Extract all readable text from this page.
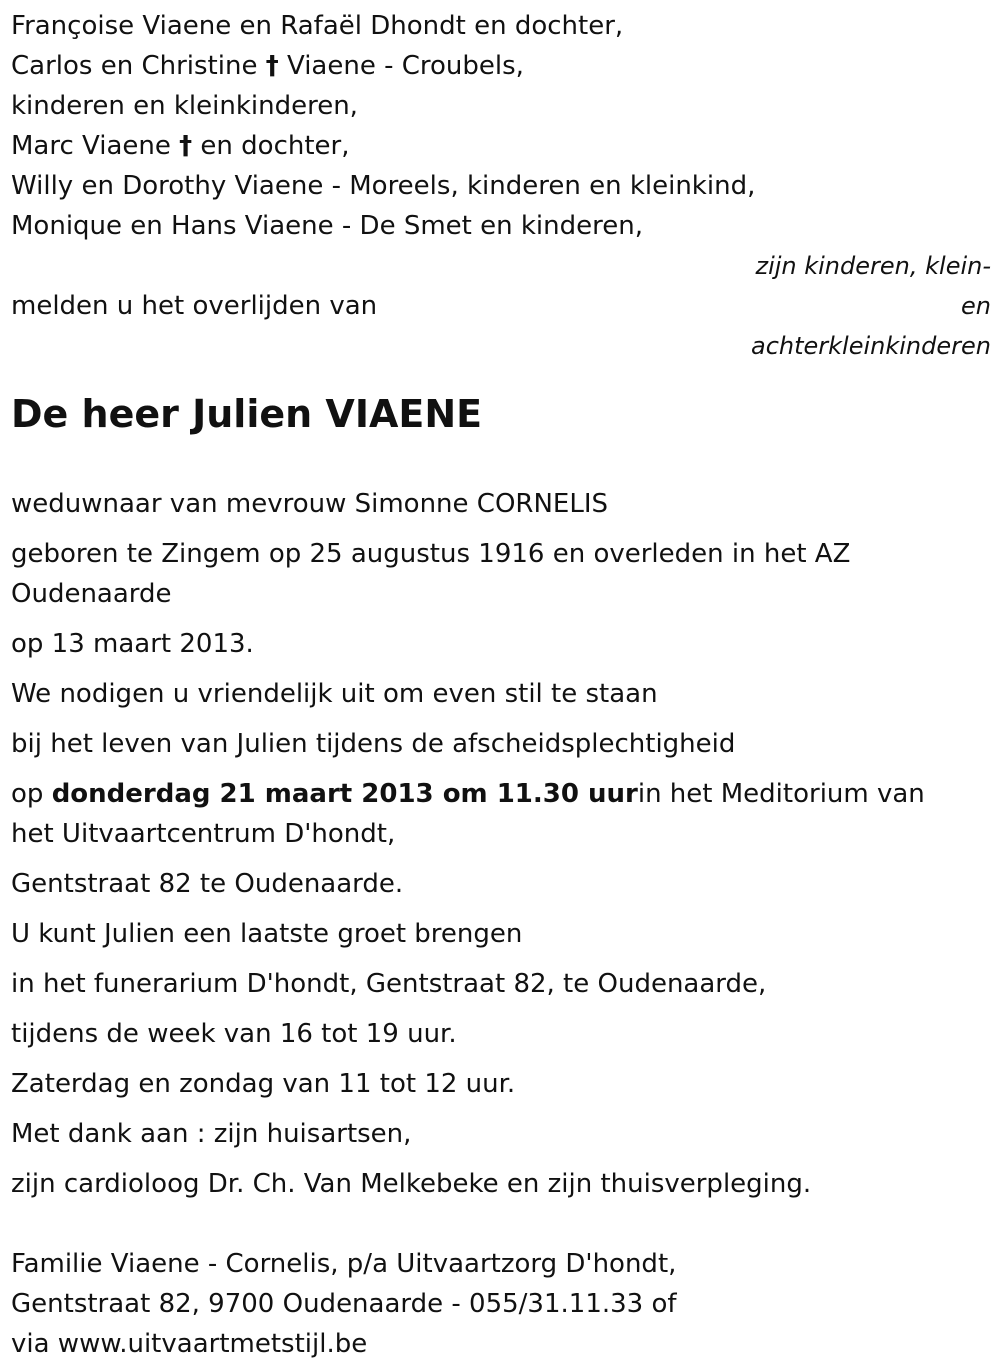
Françoise Viaene en Rafaël Dhondt en dochter,
Carlos en Christine † Viaene - Croubels,
kinderen en kleinkinderen,
Marc Viaene † en dochter,
Willy en Dorothy Viaene - Moreels, kinderen en kleinkind,
Monique en Hans Viaene - De Smet en kinderen,
melden u het overlijden van
zijn kinderen, klein-
en
achterkleinkinderen
De heer Julien VIAENE
weduwnaar van mevrouw Simonne CORNELIS
geboren te Zingem op 25 augustus 1916 en overleden in het AZ Oudenaarde
op 13 maart 2013.
We nodigen u vriendelijk uit om even stil te staan
bij het leven van Julien tijdens de afscheidsplechtigheid
op donderdag 21 maart 2013 om 11.30 uurin het Meditorium van het Uitvaartcentrum D'hondt,
Gentstraat 82 te Oudenaarde.
U kunt Julien een laatste groet brengen
in het funerarium D'hondt, Gentstraat 82, te Oudenaarde,
tijdens de week van 16 tot 19 uur.
Zaterdag en zondag van 11 tot 12 uur.
Met dank aan : zijn huisartsen,
zijn cardioloog Dr. Ch. Van Melkebeke en zijn thuisverpleging.
Familie Viaene - Cornelis, p/a Uitvaartzorg D'hondt,
Gentstraat 82, 9700 Oudenaarde - 055/31.11.33 of
via www.uitvaartmetstijl.be
